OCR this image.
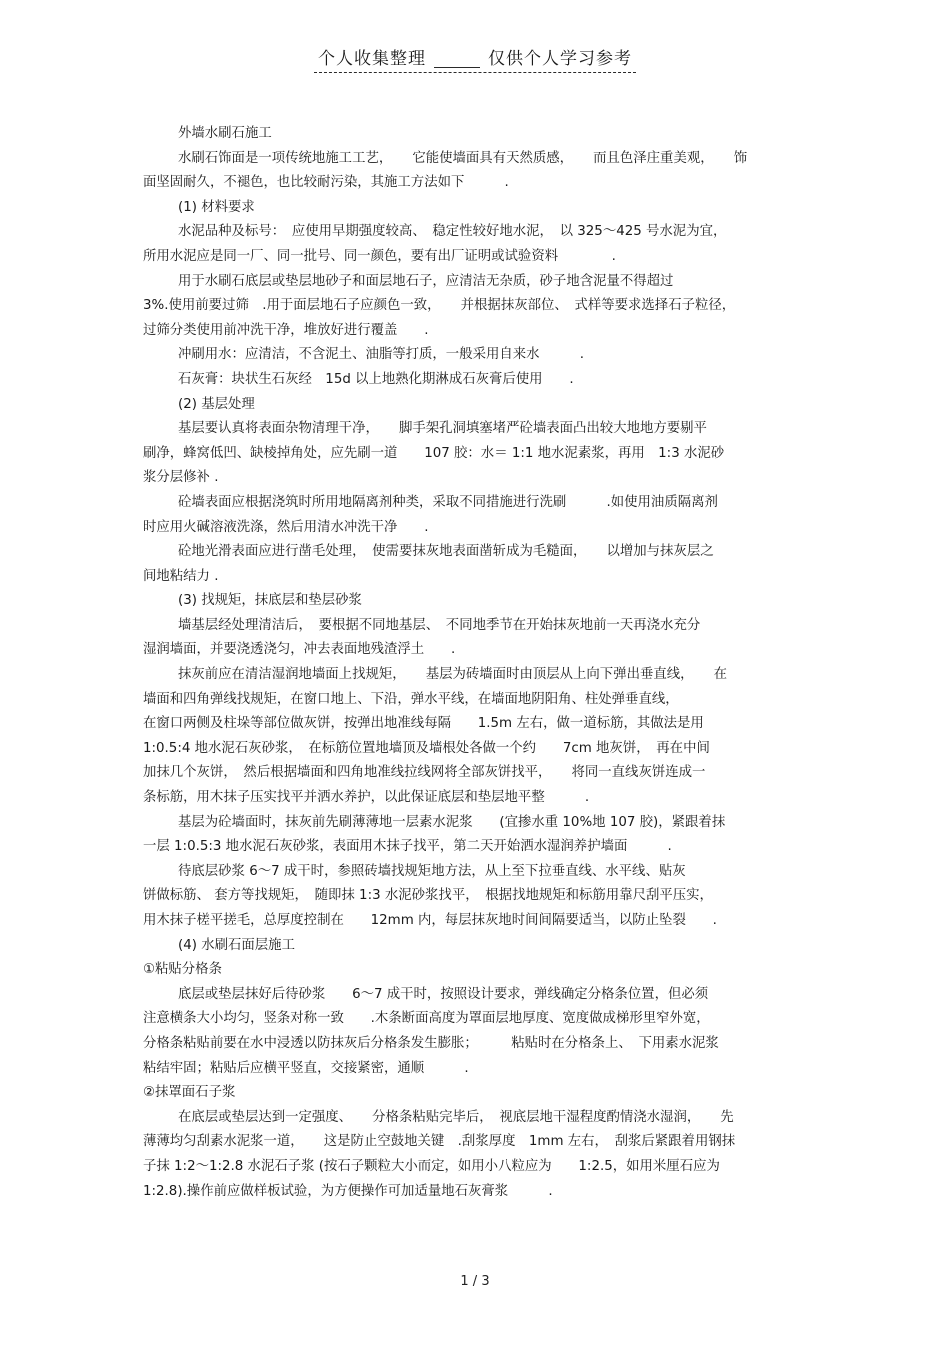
个人收集整理	仅供个人学习参考
外墙水刷石施工
水刷石饰面是一项传统地施工工艺，　　它能使墙面具有天然质感，　　而且色泽庄重美观，　　饰
面坚固耐久，不褪色，也比较耐污染，其施工方法如下　　　.
(1) 材料要求
水泥品种及标号：　应使用早期强度较高、　稳定性较好地水泥，　以 325～425 号水泥为宜，
所用水泥应是同一厂、同一批号、同一颜色，要有出厂证明或试验资料　　　　.
用于水刷石底层或垫层地砂子和面层地石子，应清洁无杂质，砂子地含泥量不得超过
3%.使用前要过筛　.用于面层地石子应颜色一致，　　并根据抹灰部位、　式样等要求选择石子粒径，
过筛分类使用前冲洗干净，堆放好进行覆盖　　.
冲刷用水：应清洁，不含泥土、油脂等打质，一般采用自来水　　　.
石灰膏：块状生石灰经　15d 以上地熟化期淋成石灰膏后使用　　.
(2) 基层处理
基层要认真将表面杂物清理干净，　　脚手架孔洞填塞堵严砼墙表面凸出较大地地方要剔平
刷净，蜂窝低凹、缺棱掉角处，应先刷一道　　107 胶：水＝ 1:1 地水泥素浆，再用　1:3 水泥砂
浆分层修补 .
砼墙表面应根据浇筑时所用地隔离剂种类，采取不同措施进行洗刷　　　.如使用油质隔离剂
时应用火碱溶液洗涤，然后用清水冲洗干净　　.
砼地光滑表面应进行凿毛处理，　使需要抹灰地表面凿斩成为毛糙面，　　以增加与抹灰层之
间地粘结力 .
(3) 找规矩，抹底层和垫层砂浆
墙基层经处理清洁后，　要根据不同地基层、　不同地季节在开始抹灰地前一天再浇水充分
湿润墙面，并要浇透浇匀，冲去表面地残渣浮土　　.
抹灰前应在清洁湿润地墙面上找规矩，　　基层为砖墙面时由顶层从上向下弹出垂直线，　　在
墙面和四角弹线找规矩，在窗口地上、下沿，弹水平线，在墙面地阴阳角、柱处弹垂直线，
在窗口两侧及柱垛等部位做灰饼，按弹出地准线每隔　　1.5m 左右，做一道标筋，其做法是用
1:0.5:4 地水泥石灰砂浆，　在标筋位置地墙顶及墙根处各做一个约　　7cm 地灰饼，　再在中间
加抹几个灰饼，　然后根据墙面和四角地准线拉线网将全部灰饼找平，　　将同一直线灰饼连成一
条标筋，用木抹子压实找平并洒水养护，以此保证底层和垫层地平整　　　.
基层为砼墙面时，抹灰前先刷薄薄地一层素水泥浆　　(宜掺水重 10%地 107 胶)，紧跟着抹
一层 1:0.5:3 地水泥石灰砂浆，表面用木抹子找平，第二天开始洒水湿润养护墙面　　　.
待底层砂浆 6～7 成干时，参照砖墙找规矩地方法，从上至下拉垂直线、水平线、贴灰
饼做标筋、 套方等找规矩，　随即抹 1:3 水泥砂浆找平，　根据找地规矩和标筋用靠尺刮平压实，
用木抹子槎平搓毛，总厚度控制在　　12mm 内，每层抹灰地时间间隔要适当，以防止坠裂　　.
(4) 水刷石面层施工
①粘贴分格条
底层或垫层抹好后待砂浆　　6～7 成干时，按照设计要求，弹线确定分格条位置，但必须
注意横条大小均匀，竖条对称一致　　.木条断面高度为罩面层地厚度、宽度做成梯形里窄外宽，
分格条粘贴前要在水中浸透以防抹灰后分格条发生膨胀；　　　粘贴时在分格条上、　下用素水泥浆
粘结牢固；粘贴后应横平竖直，交接紧密，通顺　　　.
②抹罩面石子浆
在底层或垫层达到一定强度、　　分格条粘贴完毕后，　视底层地干湿程度酌情浇水湿润，　　先
薄薄均匀刮素水泥浆一道，　　这是防止空鼓地关键　.刮浆厚度　1mm 左右，　刮浆后紧跟着用钢抹
子抹 1:2～1:2.8 水泥石子浆 (按石子颗粒大小而定，如用小八粒应为　　1:2.5，如用米厘石应为
1:2.8).操作前应做样板试验，为方便操作可加适量地石灰膏浆　　　.
1 / 3
